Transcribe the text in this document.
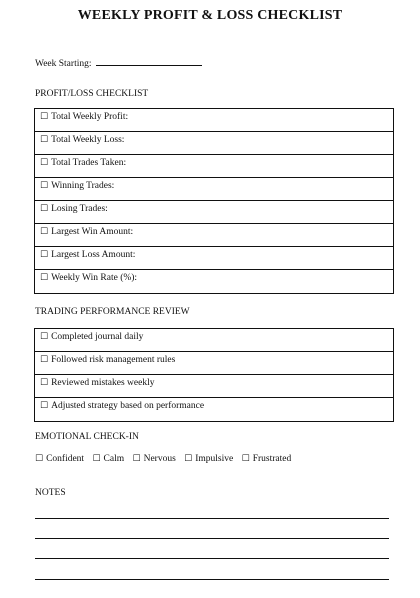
WEEKLY PROFIT & LOSS CHECKLIST
Week Starting:
PROFIT/LOSS CHECKLIST
☐ Total Weekly Profit:
☐ Total Weekly Loss:
☐ Total Trades Taken:
☐ Winning Trades:
☐ Losing Trades:
☐ Largest Win Amount:
☐ Largest Loss Amount:
☐ Weekly Win Rate (%):
TRADING PERFORMANCE REVIEW
☐ Completed journal daily
☐ Followed risk management rules
☐ Reviewed mistakes weekly
☐ Adjusted strategy based on performance
EMOTIONAL CHECK-IN
☐ Confident ☐ Calm ☐ Nervous ☐ Impulsive ☐ Frustrated
NOTES
